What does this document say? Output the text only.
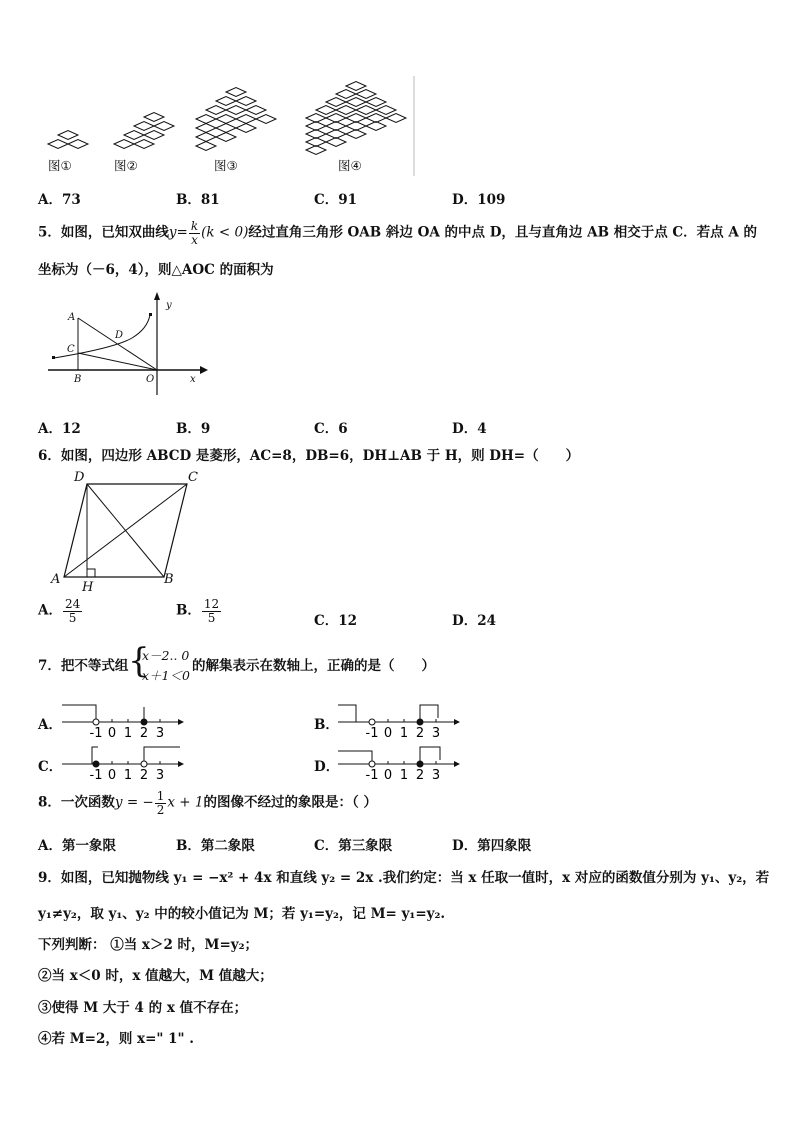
图①	图②	图③	图④
A．73	B．81	C．91	D．109
5．如图，已知双曲线$y= \frac{k}{x} (k < 0)$经过直角三角形 OAB 斜边 OA 的中点 D，且与直角边 AB 相交于点 C．若点 A 的
坐标为（－6，4），则△AOC 的面积为
A
C
D
B	O	x
y
A．12	B．9	C．6	D．4
6．如图，四边形 ABCD 是菱形，AC=8，DB=6，DH⊥AB 于 H，则 DH=（　　）
D	C
A
H
B
A． $\frac{24}{5}$	B． $\frac{12}{5}$	C．12	D．24
7．把不等式组 {
x－2.. 0
x＋1＜0
的解集表示在数轴上，正确的是（　　）
A．
-1 0 1 2 3
B．
-1 0 1 2 3
C．
-1 0 1 2 3
D．
-1 0 1 2 3
8．一次函数y = − $\frac{1}{2}$ x + 1的图像不经过的象限是：（ ）
A．第一象限	B．第二象限	C．第三象限	D．第四象限
9．如图，已知抛物线 y₁ = −x² + 4x 和直线 y₂ = 2x .我们约定：当 x 任取一值时，x 对应的函数值分别为 y₁、y₂，若
y₁≠y₂，取 y₁、y₂ 中的较小值记为 M；若 y₁=y₂，记 M= y₁=y₂.
下列判断： ①当 x＞2 时，M=y₂；
②当 x＜0 时，x 值越大，M 值越大；
③使得 M 大于 4 的 x 值不存在；
④若 M=2，则 x=" 1" .
